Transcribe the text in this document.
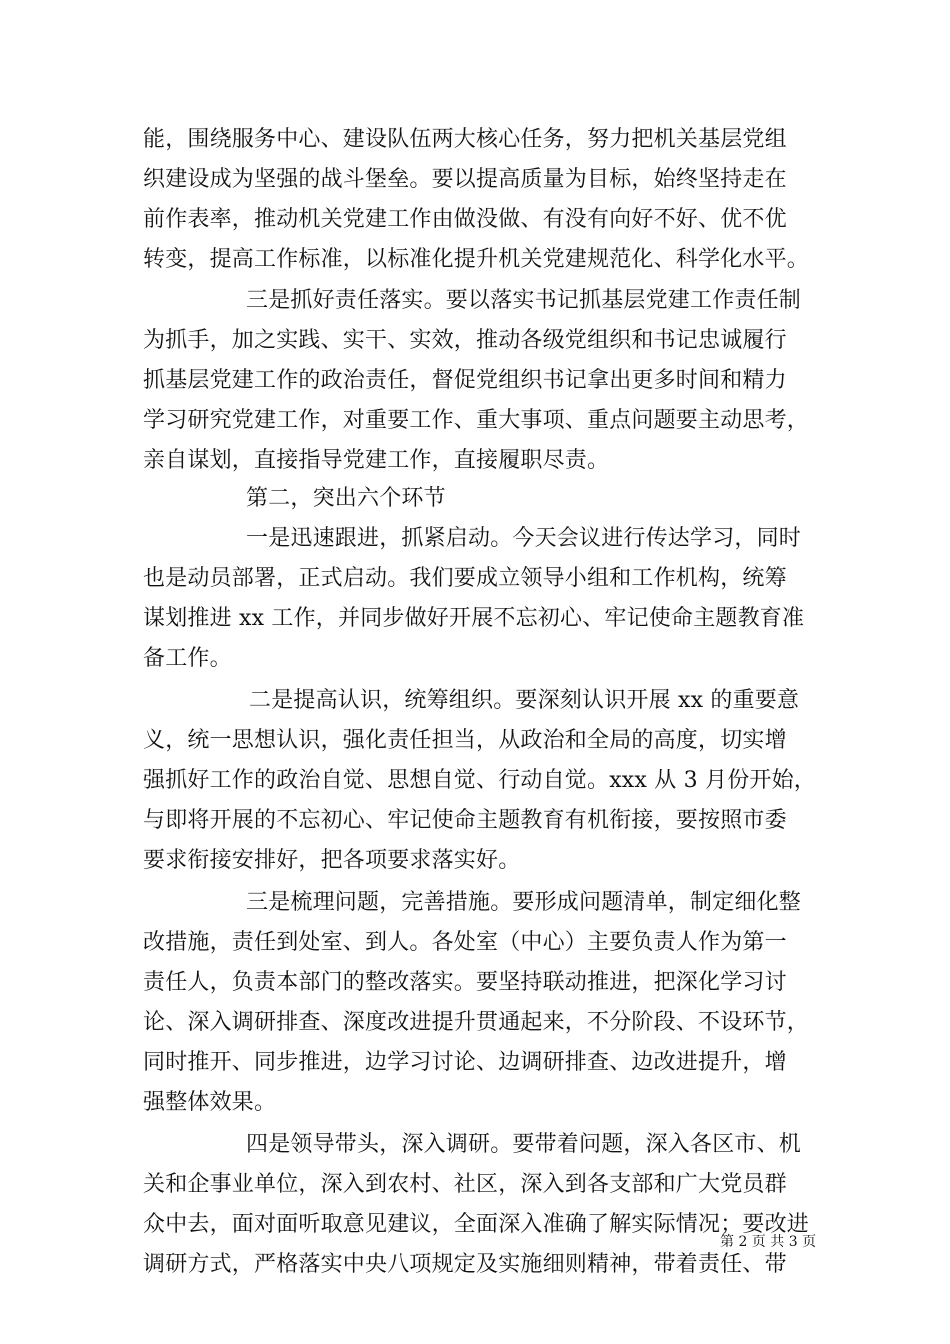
能，围绕服务中心、建设队伍两大核心任务，努力把机关基层党组
织建设成为坚强的战斗堡垒。要以提高质量为目标，始终坚持走在
前作表率，推动机关党建工作由做没做、有没有向好不好、优不优
转变，提高工作标准，以标准化提升机关党建规范化、科学化水平。
三是抓好责任落实。要以落实书记抓基层党建工作责任制
为抓手，加之实践、实干、实效，推动各级党组织和书记忠诚履行
抓基层党建工作的政治责任，督促党组织书记拿出更多时间和精力
学习研究党建工作，对重要工作、重大事项、重点问题要主动思考，
亲自谋划，直接指导党建工作，直接履职尽责。
第二，突出六个环节
一是迅速跟进，抓紧启动。今天会议进行传达学习，同时
也是动员部署，正式启动。我们要成立领导小组和工作机构，统筹
谋划推进 xx 工作，并同步做好开展不忘初心、牢记使命主题教育准
备工作。
二是提高认识，统筹组织。要深刻认识开展 xx 的重要意
义，统一思想认识，强化责任担当，从政治和全局的高度，切实增
强抓好工作的政治自觉、思想自觉、行动自觉。xxx 从 3 月份开始，
与即将开展的不忘初心、牢记使命主题教育有机衔接，要按照市委
要求衔接安排好，把各项要求落实好。
三是梳理问题，完善措施。要形成问题清单，制定细化整
改措施，责任到处室、到人。各处室（中心）主要负责人作为第一
责任人，负责本部门的整改落实。要坚持联动推进，把深化学习讨
论、深入调研排查、深度改进提升贯通起来，不分阶段、不设环节，
同时推开、同步推进，边学习讨论、边调研排查、边改进提升，增
强整体效果。
四是领导带头，深入调研。要带着问题，深入各区市、机
关和企事业单位，深入到农村、社区，深入到各支部和广大党员群
众中去，面对面听取意见建议，全面深入准确了解实际情况；要改进
调研方式，严格落实中央八项规定及实施细则精神，带着责任、带
第 2 页 共 3 页
